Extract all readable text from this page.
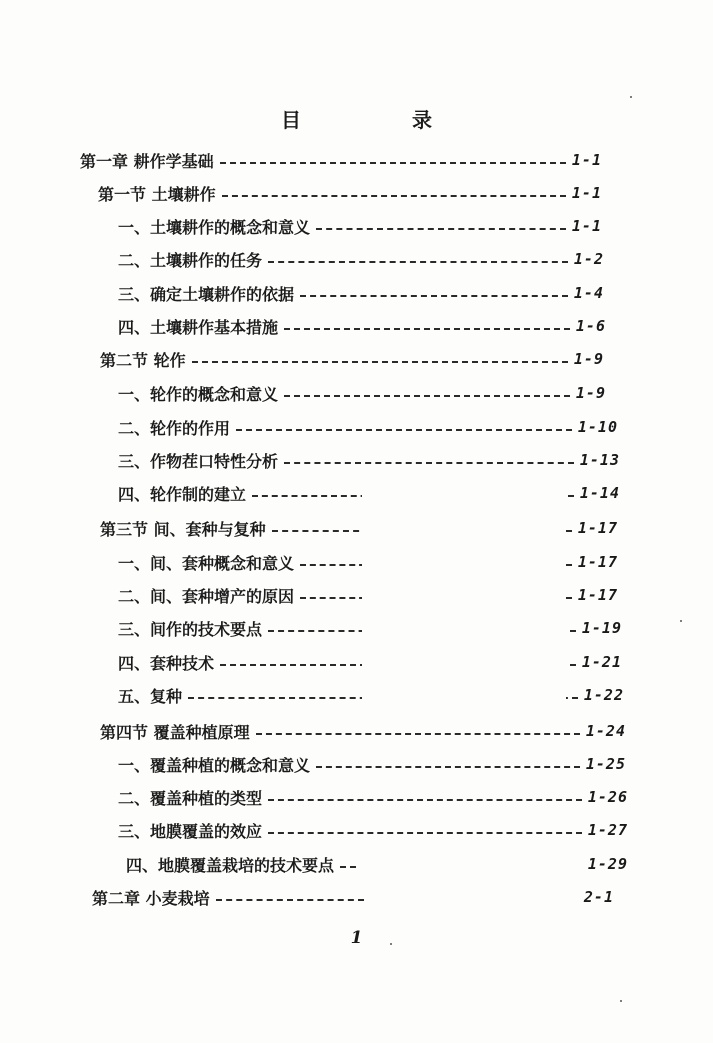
目 录
第一章 耕作学基础	1-1
第一节 土壤耕作	1-1
一、土壤耕作的概念和意义	1-1
二、土壤耕作的任务	1-2
三、确定土壤耕作的依据	1-4
四、土壤耕作基本措施	1-6
第二节 轮作	1-9
一、轮作的概念和意义	1-9
二、轮作的作用	1-10
三、作物茬口特性分析	1-13
四、轮作制的建立	1-14
第三节 间、套种与复种	1-17
一、间、套种概念和意义	1-17
二、间、套种增产的原因	1-17
三、间作的技术要点	1-19
四、套种技术	1-21
五、复种	1-22
第四节 覆盖种植原理	1-24
一、覆盖种植的概念和意义	1-25
二、覆盖种植的类型	1-26
三、地膜覆盖的效应	1-27
四、地膜覆盖栽培的技术要点	1-29
第二章 小麦栽培	2-1
1
